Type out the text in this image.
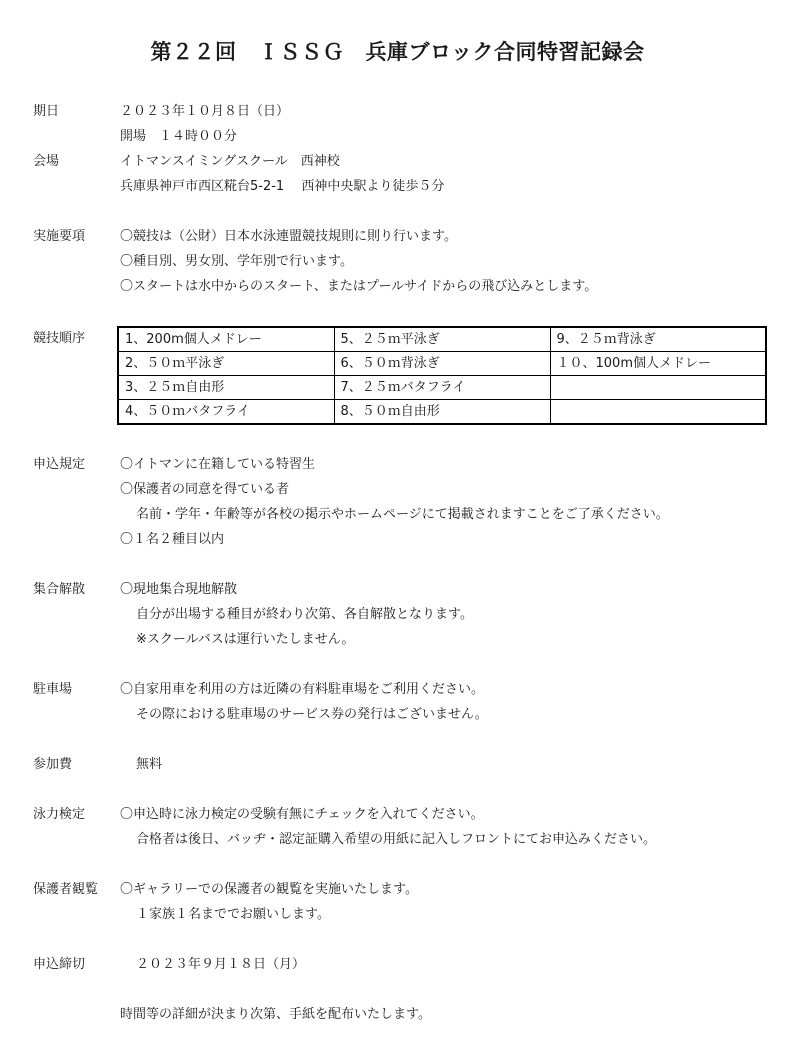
第２２回　ＩＳＳＧ　兵庫ブロック合同特習記録会
期日	２０２３年１０月８日（日）
開場　１４時００分
会場	イトマンスイミングスクール　西神校
兵庫県神戸市西区糀台5-2-1　 西神中央駅より徒歩５分
実施要項	〇競技は（公財）日本水泳連盟競技規則に則り行います。
〇種目別、男女別、学年別で行います。
〇スタートは水中からのスタート、またはプールサイドからの飛び込みとします。
競技順序	1、200m個人メドレー	5、２５ｍ平泳ぎ	9、２５ｍ背泳ぎ
2、５０ｍ平泳ぎ	6、５０ｍ背泳ぎ	１０、100m個人メドレー
3、２５ｍ自由形	7、２５ｍバタフライ	
4、５０ｍバタフライ	8、５０ｍ自由形	
申込規定	〇イトマンに在籍している特習生
〇保護者の同意を得ている者
名前・学年・年齢等が各校の掲示やホームページにて掲載されますことをご了承ください。
〇１名２種目以内
集合解散	〇現地集合現地解散
自分が出場する種目が終わり次第、各自解散となります。
※スクールバスは運行いたしません。
駐車場	〇自家用車を利用の方は近隣の有料駐車場をご利用ください。
その際における駐車場のサービス券の発行はございません。
参加費	無料
泳力検定	〇申込時に泳力検定の受験有無にチェックを入れてください。
合格者は後日、バッヂ・認定証購入希望の用紙に記入しフロントにてお申込みください。
保護者観覧 〇ギャラリーでの保護者の観覧を実施いたします。
１家族１名まででお願いします。
申込締切	２０２３年９月１８日（月）
時間等の詳細が決まり次第、手紙を配布いたします。
